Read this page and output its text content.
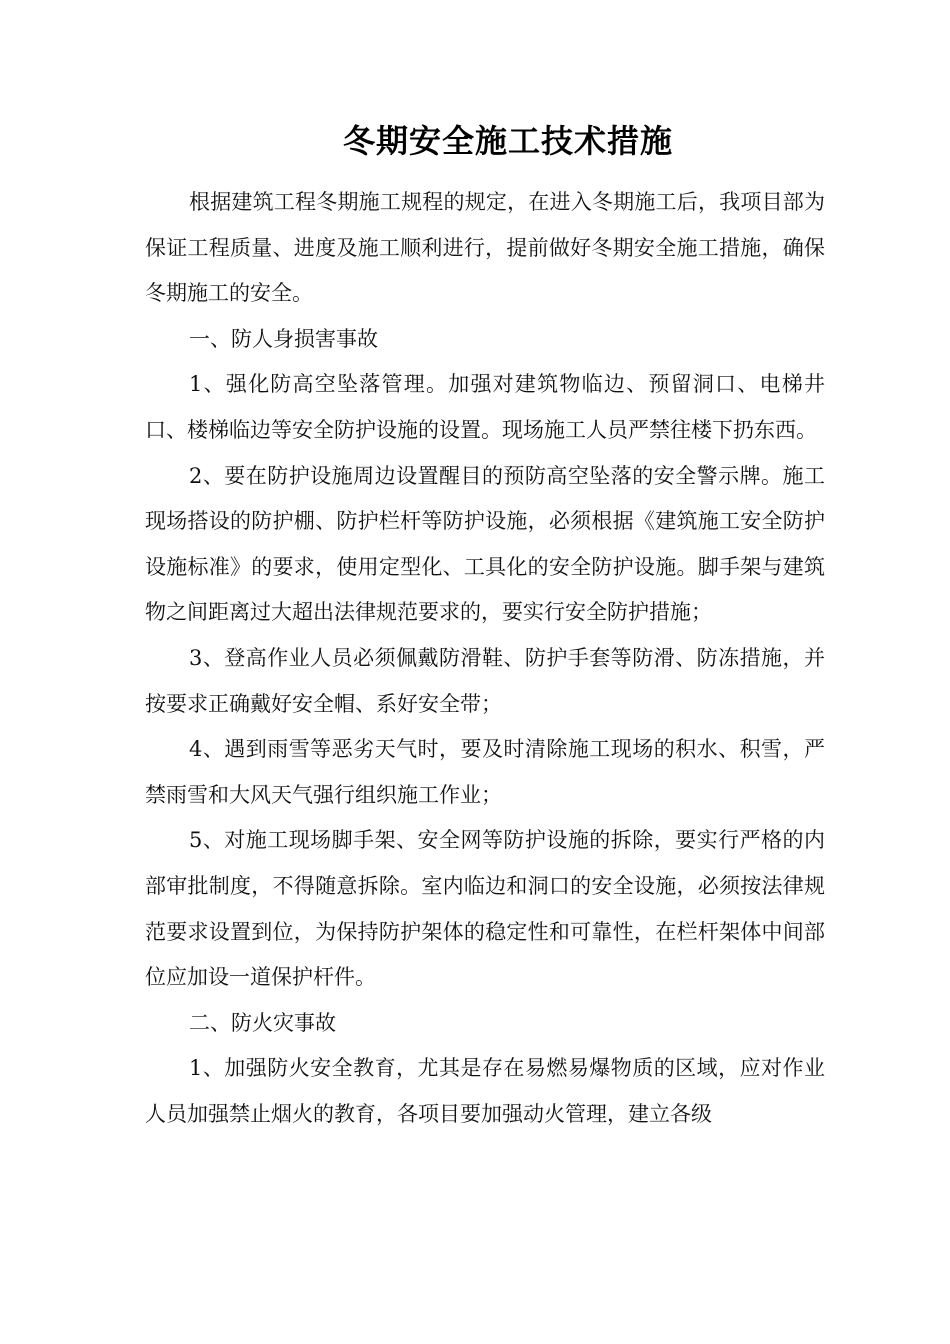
冬期安全施工技术措施

根据建筑工程冬期施工规程的规定，在进入冬期施工后，我项目部为保证工程质量、进度及施工顺利进行，提前做好冬期安全施工措施，确保冬期施工的安全。

一、防人身损害事故

1、强化防高空坠落管理。加强对建筑物临边、预留洞口、电梯井口、楼梯临边等安全防护设施的设置。现场施工人员严禁往楼下扔东西。

2、要在防护设施周边设置醒目的预防高空坠落的安全警示牌。施工现场搭设的防护棚、防护栏杆等防护设施，必须根据《建筑施工安全防护设施标准》的要求，使用定型化、工具化的安全防护设施。脚手架与建筑物之间距离过大超出法律规范要求的，要实行安全防护措施；

3、登高作业人员必须佩戴防滑鞋、防护手套等防滑、防冻措施，并按要求正确戴好安全帽、系好安全带；

4、遇到雨雪等恶劣天气时，要及时清除施工现场的积水、积雪，严禁雨雪和大风天气强行组织施工作业；

5、对施工现场脚手架、安全网等防护设施的拆除，要实行严格的内部审批制度，不得随意拆除。室内临边和洞口的安全设施，必须按法律规范要求设置到位，为保持防护架体的稳定性和可靠性，在栏杆架体中间部位应加设一道保护杆件。

二、防火灾事故

1、加强防火安全教育，尤其是存在易燃易爆物质的区域，应对作业人员加强禁止烟火的教育，各项目要加强动火管理，建立各级
